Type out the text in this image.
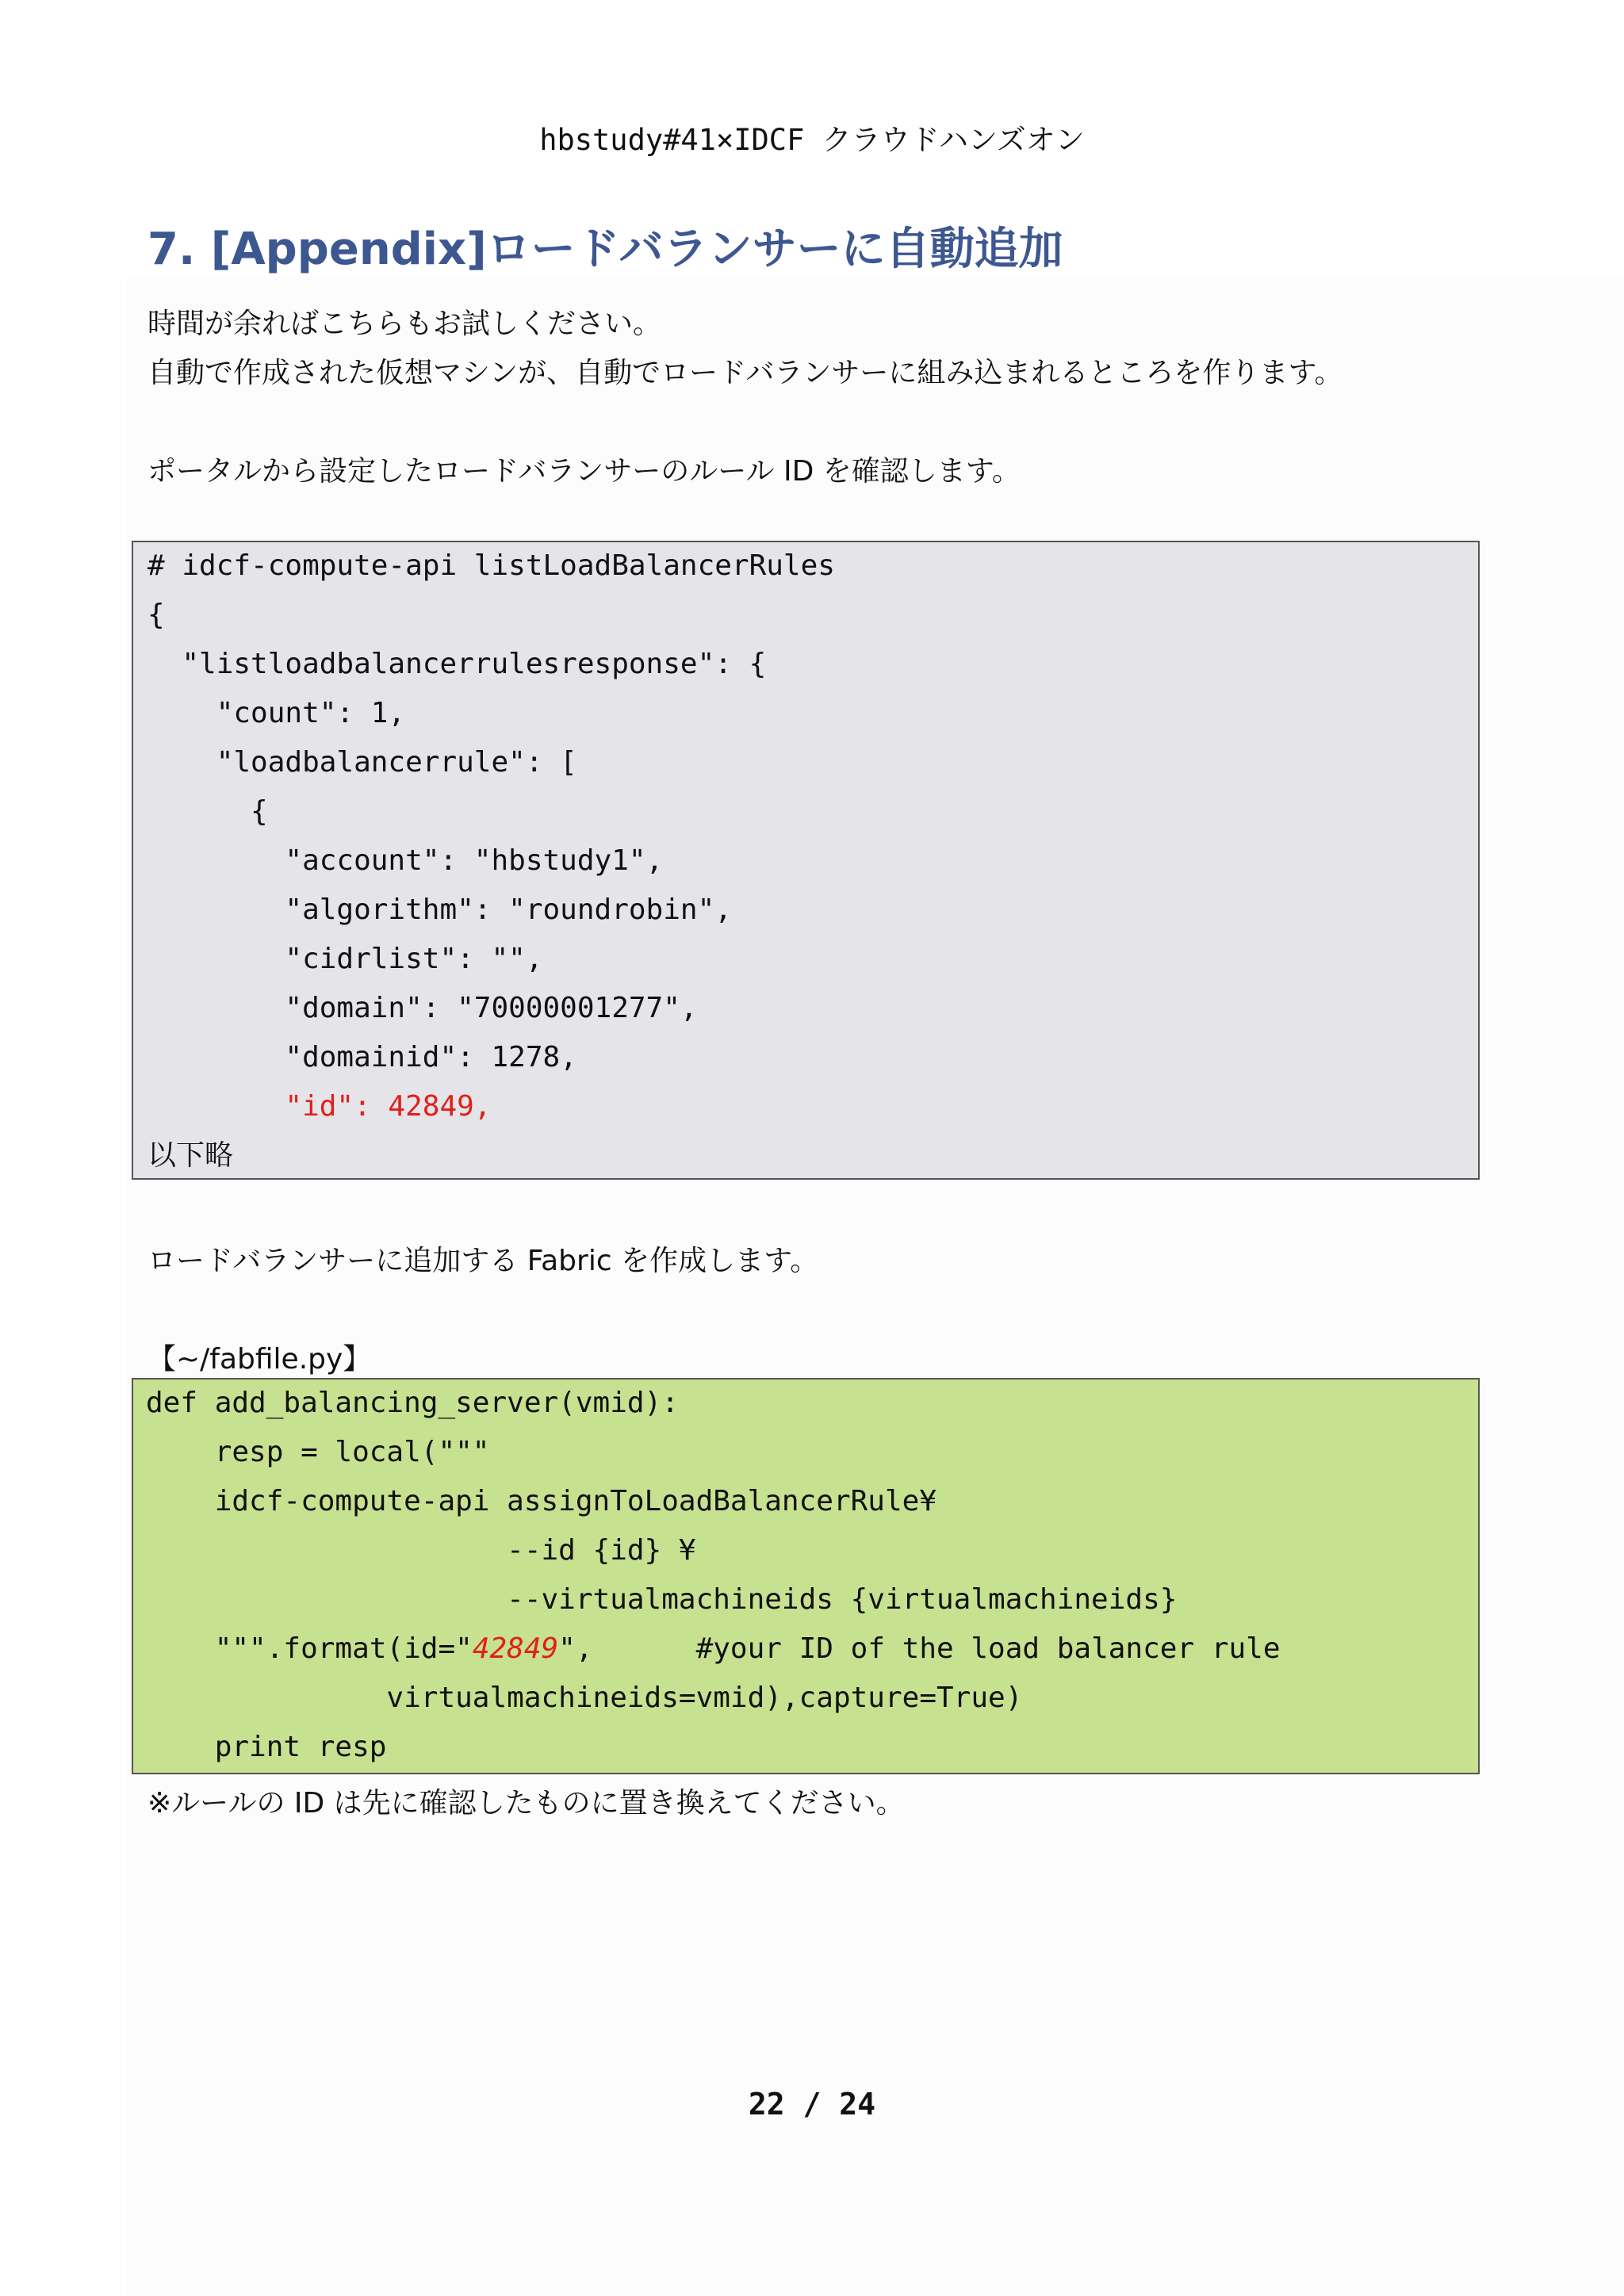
hbstudy#41×IDCF クラウドハンズオン
7. [Appendix]ロードバランサーに自動追加
時間が余ればこちらもお試しください。
自動で作成された仮想マシンが、自動でロードバランサーに組み込まれるところを作ります。
ポータルから設定したロードバランサーのルール ID を確認します。
# idcf-compute-api listLoadBalancerRules
{
"listloadbalancerrulesresponse": {
"count": 1,
"loadbalancerrule": [
{
"account": "hbstudy1",
"algorithm": "roundrobin",
"cidrlist": "",
"domain": "70000001277",
"domainid": 1278,
"id": 42849,
以下略
ロードバランサーに追加する Fabric を作成します。
【~/fabfile.py】
def add_balancing_server(vmid):
resp = local("""
idcf-compute-api assignToLoadBalancerRule¥
--id {id} ¥
--virtualmachineids {virtualmachineids}
""".format(id="42849",      #your ID of the load balancer rule
virtualmachineids=vmid),capture=True)
print resp
※ルールの ID は先に確認したものに置き換えてください。
22 / 24
